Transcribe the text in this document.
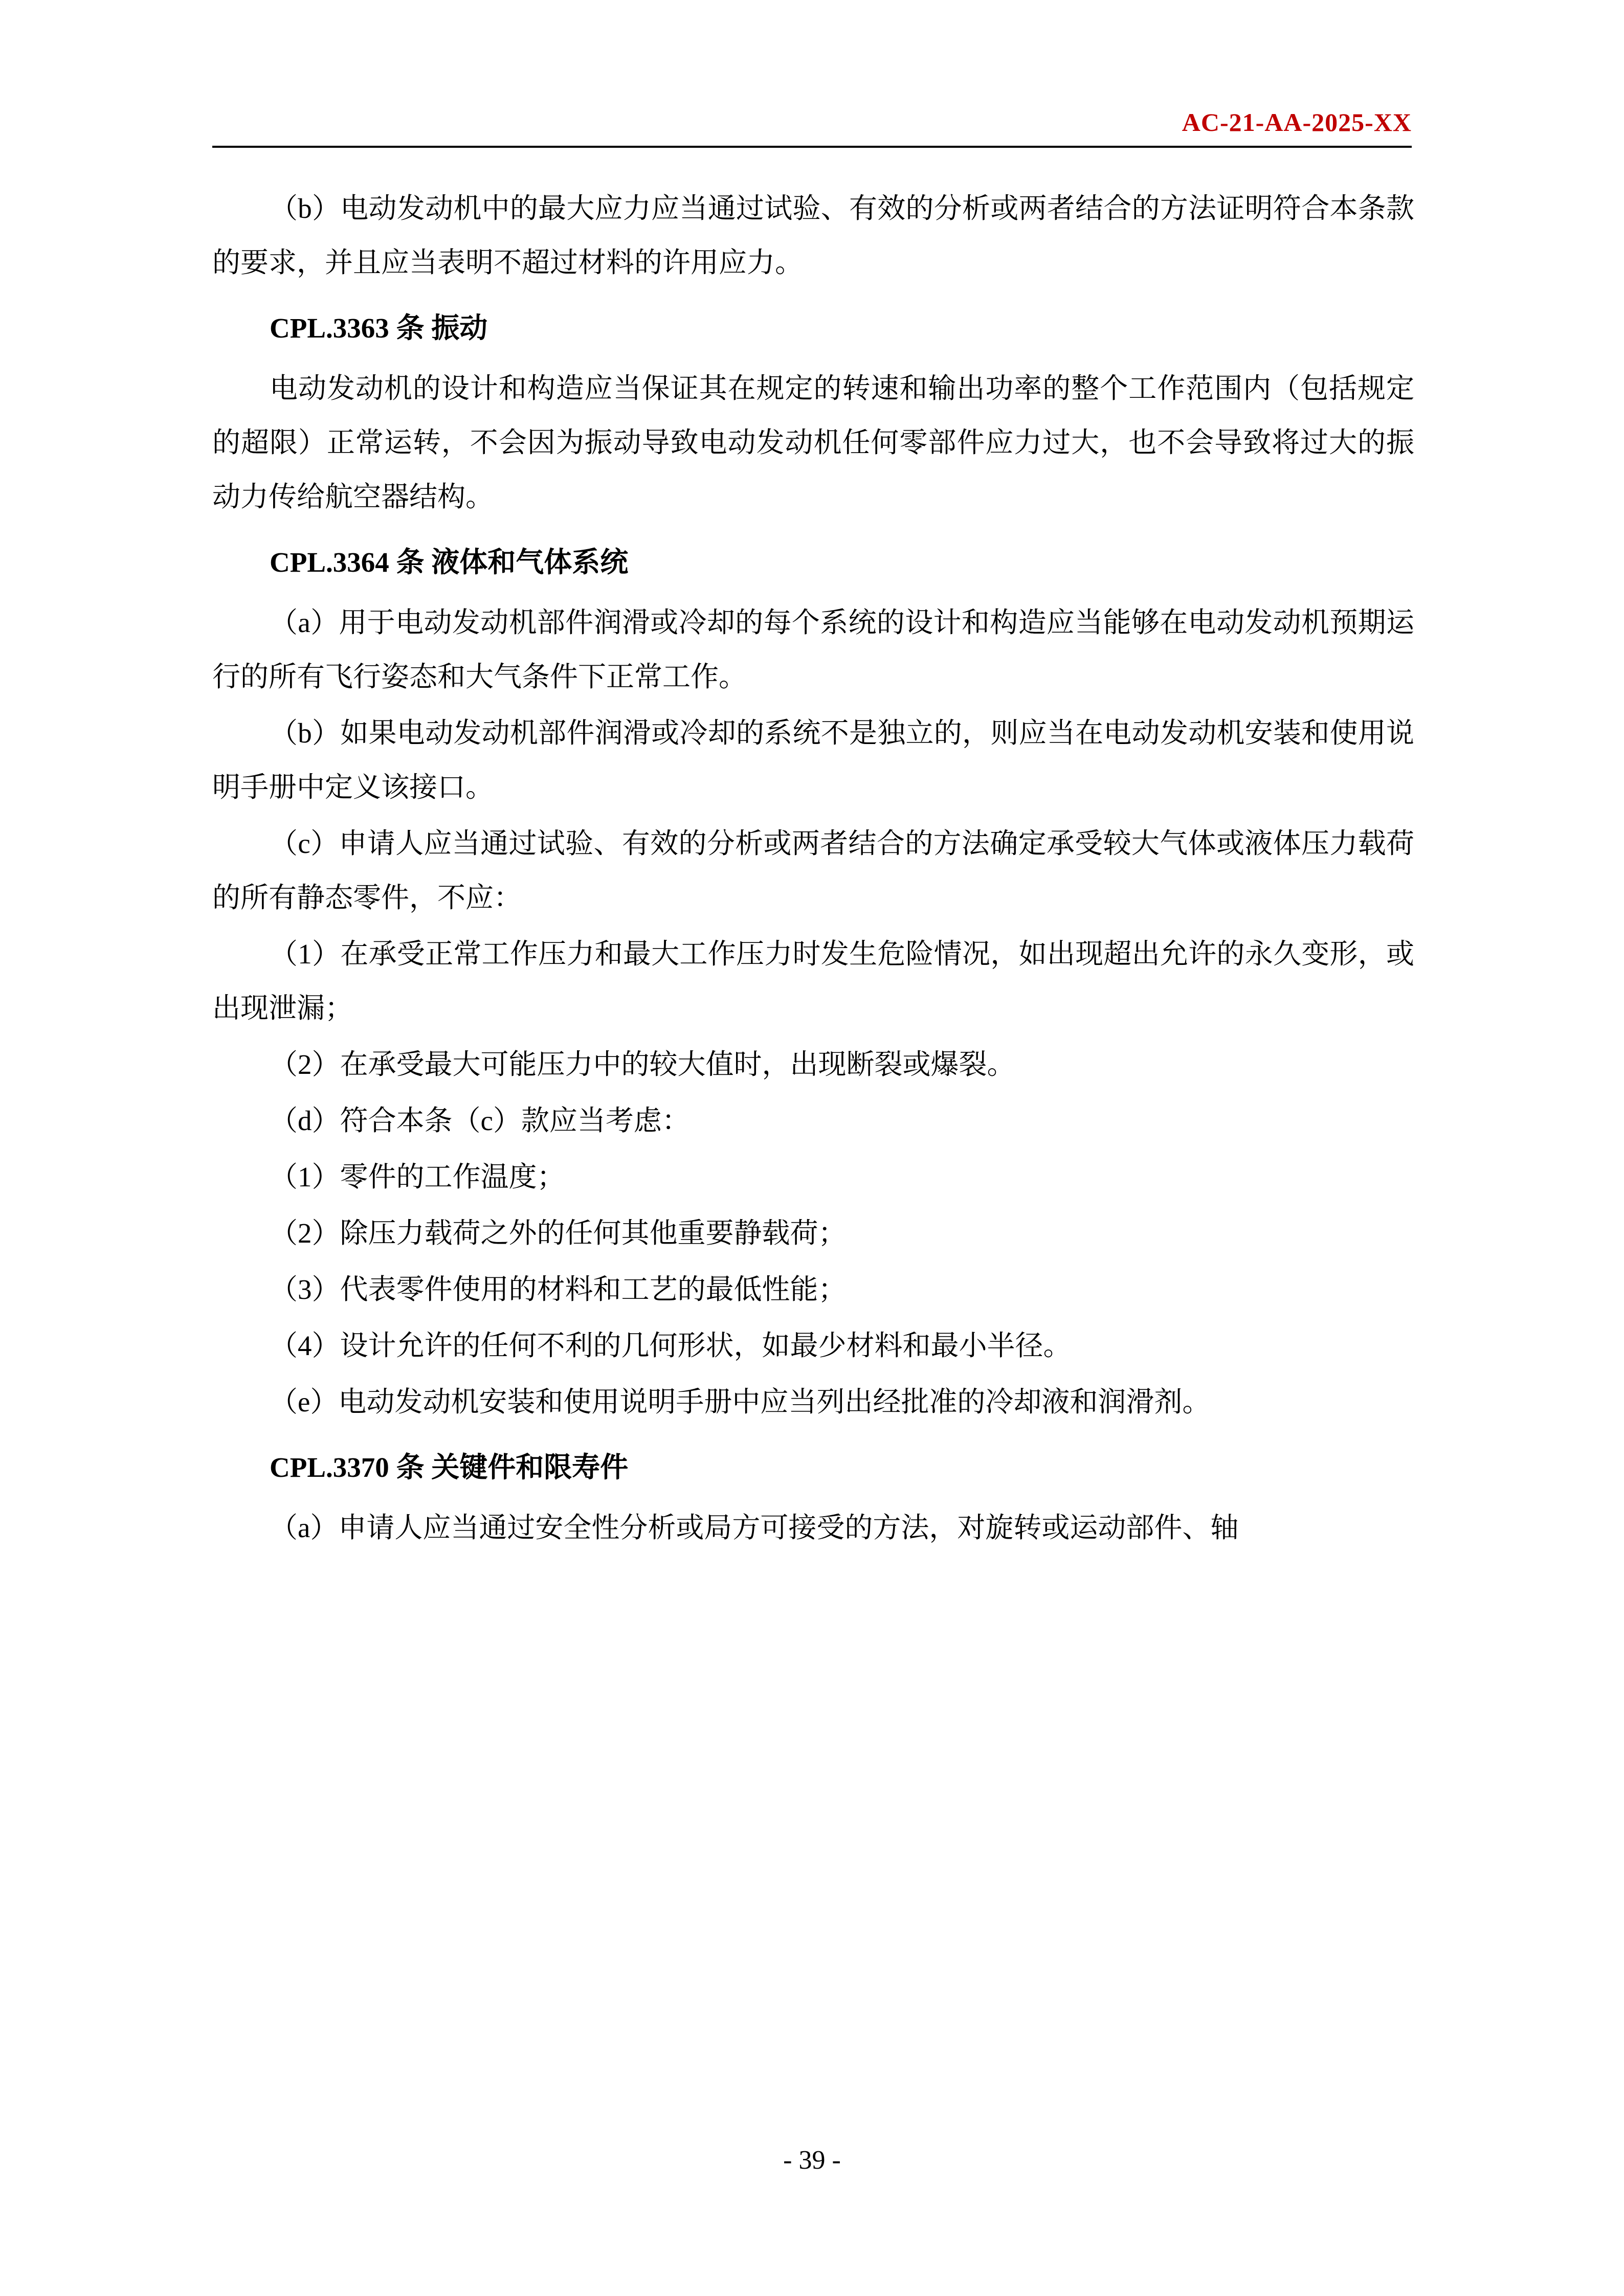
AC-21-AA-2025-XX

（b）电动发动机中的最大应力应当通过试验、有效的分析或两者结合的方法证明符合本条款的要求，并且应当表明不超过材料的许用应力。

CPL.3363 条 振动

电动发动机的设计和构造应当保证其在规定的转速和输出功率的整个工作范围内（包括规定的超限）正常运转，不会因为振动导致电动发动机任何零部件应力过大，也不会导致将过大的振动力传给航空器结构。

CPL.3364 条 液体和气体系统

（a）用于电动发动机部件润滑或冷却的每个系统的设计和构造应当能够在电动发动机预期运行的所有飞行姿态和大气条件下正常工作。

（b）如果电动发动机部件润滑或冷却的系统不是独立的，则应当在电动发动机安装和使用说明手册中定义该接口。

（c）申请人应当通过试验、有效的分析或两者结合的方法确定承受较大气体或液体压力载荷的所有静态零件，不应：

（1）在承受正常工作压力和最大工作压力时发生危险情况，如出现超出允许的永久变形，或出现泄漏；

（2）在承受最大可能压力中的较大值时，出现断裂或爆裂。

（d）符合本条（c）款应当考虑：

（1）零件的工作温度；

（2）除压力载荷之外的任何其他重要静载荷；

（3）代表零件使用的材料和工艺的最低性能；

（4）设计允许的任何不利的几何形状，如最少材料和最小半径。

（e）电动发动机安装和使用说明手册中应当列出经批准的冷却液和润滑剂。

CPL.3370 条 关键件和限寿件

（a）申请人应当通过安全性分析或局方可接受的方法，对旋转或运动部件、轴

- 39 -
